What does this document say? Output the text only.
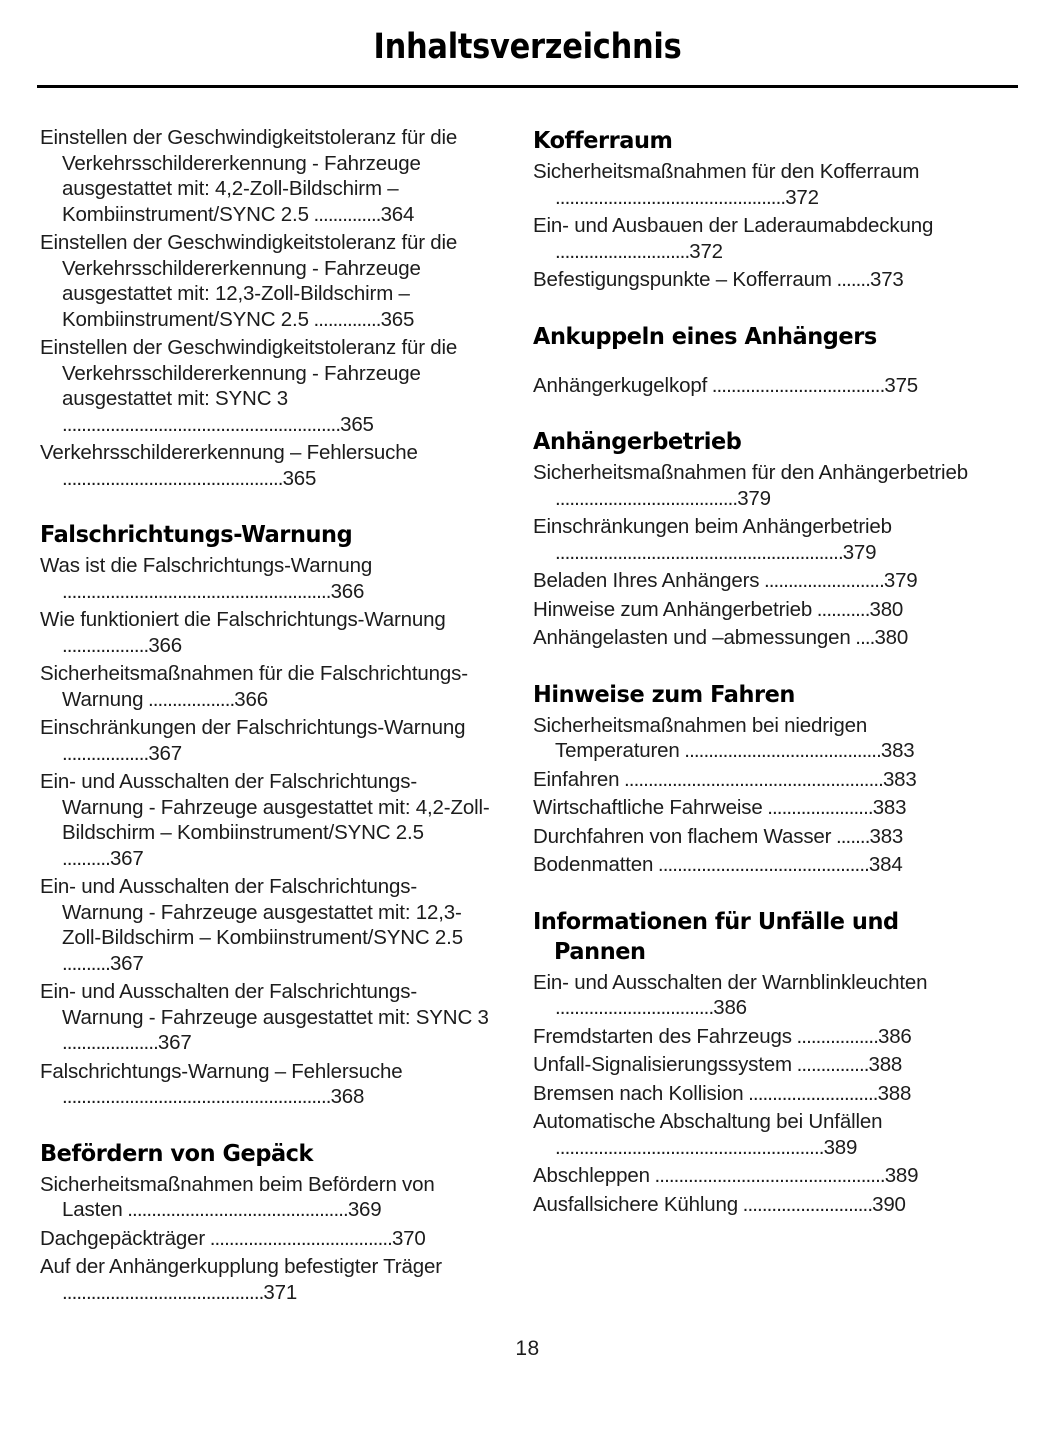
Inhaltsverzeichnis
Einstellen der Geschwindigkeitstoleranz für die Verkehrsschildererkennung - Fahrzeuge ausgestattet mit: 4,2-Zoll-Bildschirm – Kombiinstrument/SYNC 2.5 ..............364
Einstellen der Geschwindigkeitstoleranz für die Verkehrsschildererkennung - Fahrzeuge ausgestattet mit: 12,3-Zoll-Bildschirm – Kombiinstrument/SYNC 2.5 ..............365
Einstellen der Geschwindigkeitstoleranz für die Verkehrsschildererkennung - Fahrzeuge ausgestattet mit: SYNC 3 ..........................................................365
Verkehrsschildererkennung – Fehlersuche ..............................................365
Falschrichtungs-Warnung
Was ist die Falschrichtungs-Warnung ........................................................366
Wie funktioniert die Falschrichtungs-Warnung ..................366
Sicherheitsmaßnahmen für die Falschrichtungs-Warnung ..................366
Einschränkungen der Falschrichtungs-Warnung ..................367
Ein- und Ausschalten der Falschrichtungs-Warnung - Fahrzeuge ausgestattet mit: 4,2-Zoll-Bildschirm – Kombiinstrument/SYNC 2.5 ..........367
Ein- und Ausschalten der Falschrichtungs-Warnung - Fahrzeuge ausgestattet mit: 12,3-Zoll-Bildschirm – Kombiinstrument/SYNC 2.5 ..........367
Ein- und Ausschalten der Falschrichtungs-Warnung - Fahrzeuge ausgestattet mit: SYNC 3 ....................367
Falschrichtungs-Warnung – Fehlersuche ........................................................368
Befördern von Gepäck
Sicherheitsmaßnahmen beim Befördern von Lasten ..............................................369
Dachgepäckträger ......................................370
Auf der Anhängerkupplung befestigter Träger ..........................................371
Kofferraum
Sicherheitsmaßnahmen für den Kofferraum ................................................372
Ein- und Ausbauen der Laderaumabdeckung ............................372
Befestigungspunkte – Kofferraum .......373
Ankuppeln eines Anhängers
Anhängerkugelkopf ....................................375
Anhängerbetrieb
Sicherheitsmaßnahmen für den Anhängerbetrieb ......................................379
Einschränkungen beim Anhängerbetrieb ............................................................379
Beladen Ihres Anhängers .........................379
Hinweise zum Anhängerbetrieb ...........380
Anhängelasten und –abmessungen ....380
Hinweise zum Fahren
Sicherheitsmaßnahmen bei niedrigen Temperaturen .........................................383
Einfahren ......................................................383
Wirtschaftliche Fahrweise ......................383
Durchfahren von flachem Wasser .......383
Bodenmatten ............................................384
Informationen für Unfälle und Pannen
Ein- und Ausschalten der Warnblinkleuchten .................................386
Fremdstarten des Fahrzeugs .................386
Unfall-Signalisierungssystem ...............388
Bremsen nach Kollision ...........................388
Automatische Abschaltung bei Unfällen ........................................................389
Abschleppen ................................................389
Ausfallsichere Kühlung ...........................390
18
